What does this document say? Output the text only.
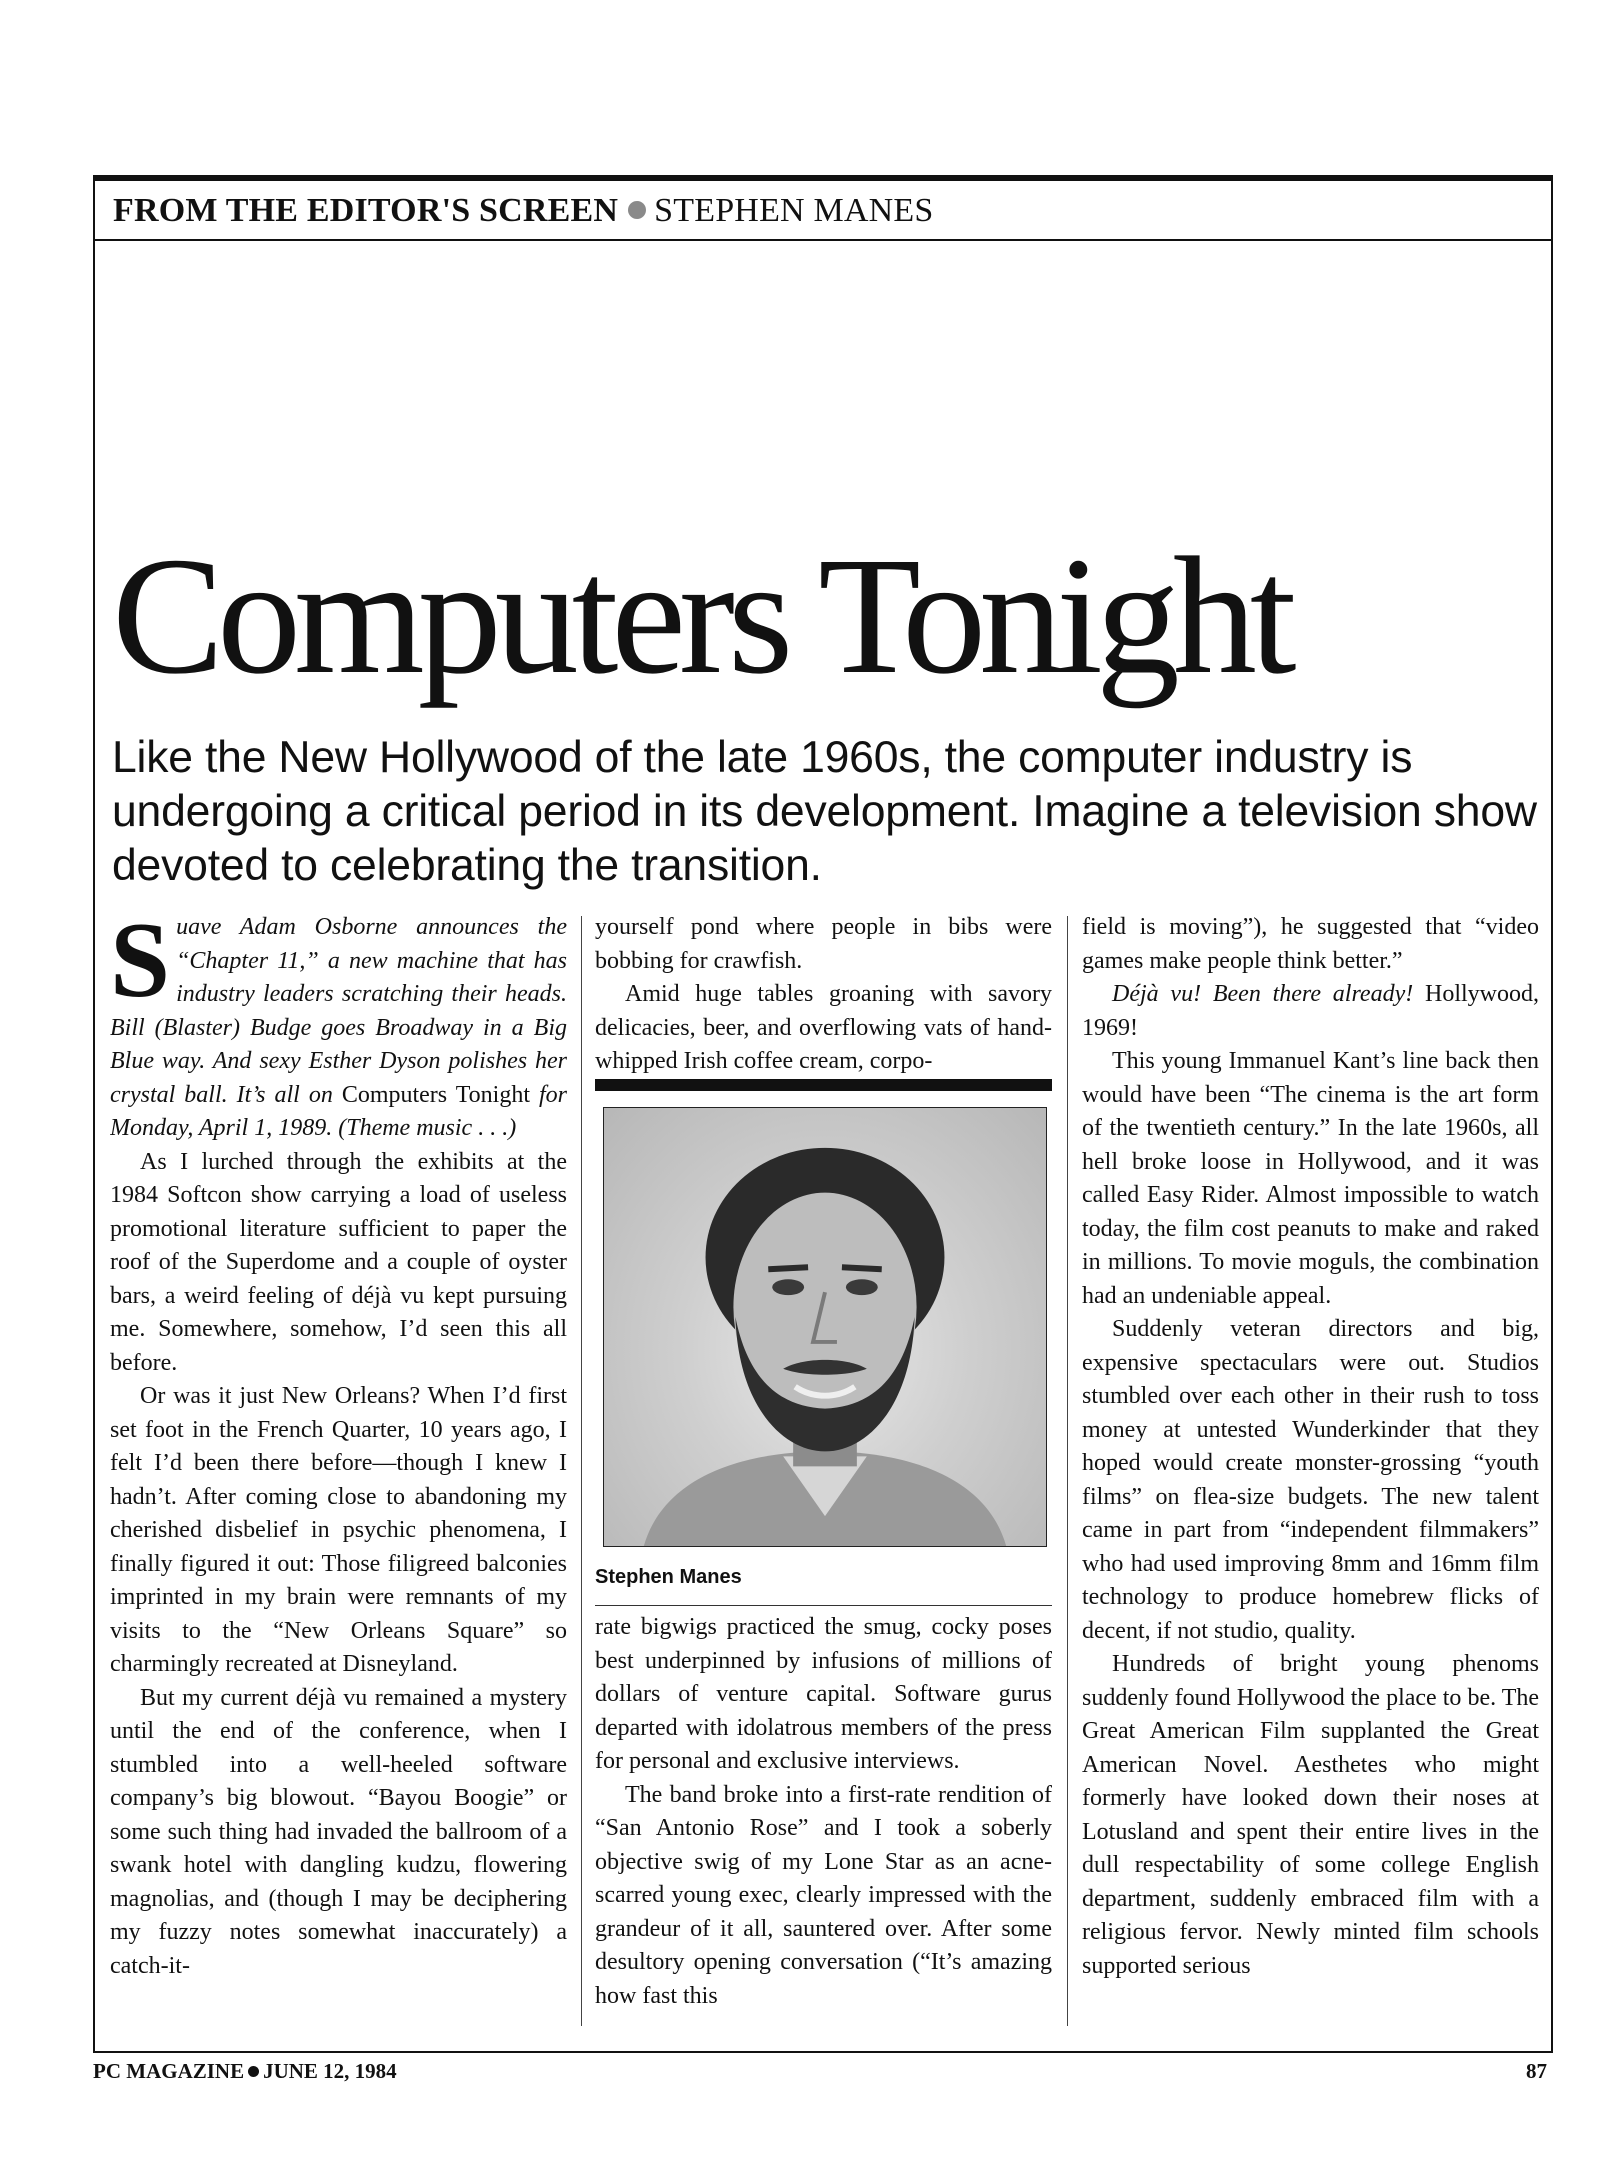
FROM THE EDITOR'S SCREEN STEPHEN MANES
Computers Tonight

Like the New Hollywood of the late 1960s, the computer industry is undergoing a critical period in its development. Imagine a television show devoted to celebrating the transition.

Suave Adam Osborne announces the “Chapter 11,” a new machine that has industry leaders scratching their heads. Bill (Blaster) Budge goes Broadway in a Big Blue way. And sexy Esther Dyson polishes her crystal ball. It’s all on Computers Tonight for Monday, April 1, 1989. (Theme music . . .)

As I lurched through the exhibits at the 1984 Softcon show carrying a load of useless promotional literature sufficient to paper the roof of the Superdome and a couple of oyster bars, a weird feeling of déjà vu kept pursuing me. Somewhere, somehow, I’d seen this all before.

Or was it just New Orleans? When I’d first set foot in the French Quarter, 10 years ago, I felt I’d been there before—though I knew I hadn’t. After coming close to abandoning my cherished disbelief in psychic phenomena, I finally figured it out: Those filigreed balconies imprinted in my brain were remnants of my visits to the “New Orleans Square” so charmingly recreated at Disneyland.

But my current déjà vu remained a mystery until the end of the conference, when I stumbled into a well-heeled software company’s big blowout. “Bayou Boogie” or some such thing had invaded the ballroom of a swank hotel with dangling kudzu, flowering magnolias, and (though I may be deciphering my fuzzy notes somewhat inaccurately) a catch-it-

yourself pond where people in bibs were bobbing for crawfish.

Amid huge tables groaning with savory delicacies, beer, and overflowing vats of hand-whipped Irish coffee cream, corpo-

Stephen Manes

rate bigwigs practiced the smug, cocky poses best underpinned by infusions of millions of dollars of venture capital. Software gurus departed with idolatrous members of the press for personal and exclusive interviews.

The band broke into a first-rate rendition of “San Antonio Rose” and I took a soberly objective swig of my Lone Star as an acne-scarred young exec, clearly impressed with the grandeur of it all, sauntered over. After some desultory opening conversation (“It’s amazing how fast this

field is moving”), he suggested that “video games make people think better.”

Déjà vu! Been there already! Hollywood, 1969!

This young Immanuel Kant’s line back then would have been “The cinema is the art form of the twentieth century.” In the late 1960s, all hell broke loose in Hollywood, and it was called Easy Rider. Almost impossible to watch today, the film cost peanuts to make and raked in millions. To movie moguls, the combination had an undeniable appeal.

Suddenly veteran directors and big, expensive spectaculars were out. Studios stumbled over each other in their rush to toss money at untested Wunderkinder that they hoped would create monster-grossing “youth films” on flea-size budgets. The new talent came in part from “independent filmmakers” who had used improving 8mm and 16mm film technology to produce homebrew flicks of decent, if not studio, quality.

Hundreds of bright young phenoms suddenly found Hollywood the place to be. The Great American Film supplanted the Great American Novel. Aesthetes who might formerly have looked down their noses at Lotusland and spent their entire lives in the dull respectability of some college English department, suddenly embraced film with a religious fervor. Newly minted film schools supported serious

PC MAGAZINE JUNE 12, 1984	87
